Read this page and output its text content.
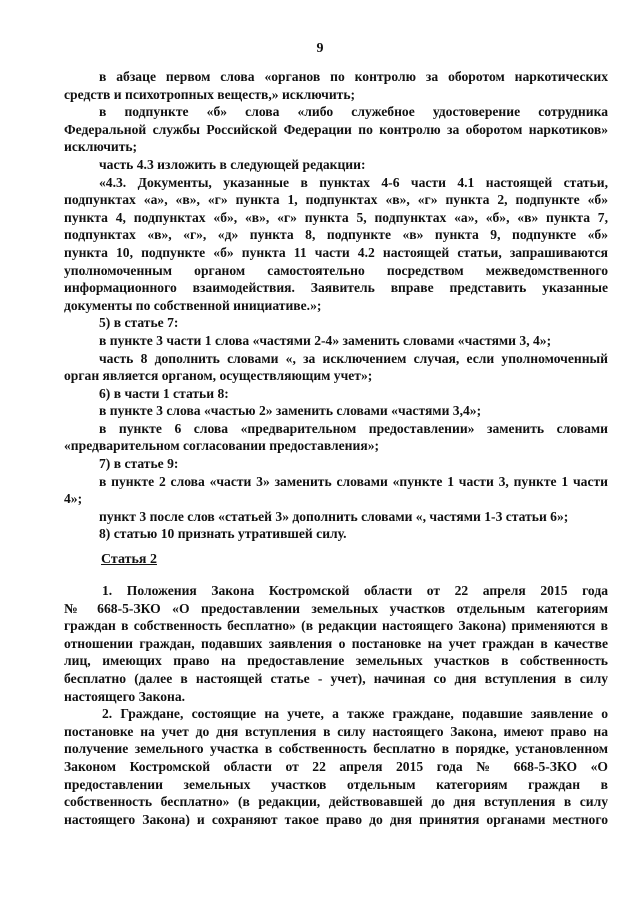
9
в абзаце первом слова «органов по контролю за оборотом наркотических
средств и психотропных веществ,» исключить;
в подпункте «б» слова «либо служебное удостоверение сотрудника
Федеральной службы Российской Федерации по контролю за оборотом наркотиков»
исключить;
часть 4.3 изложить в следующей редакции:
«4.3. Документы, указанные в пунктах 4-6 части 4.1 настоящей статьи,
подпунктах «а», «в», «г» пункта 1, подпунктах «в», «г» пункта 2, подпункте «б»
пункта 4, подпунктах «б», «в», «г» пункта 5, подпунктах «а», «б», «в» пункта 7,
подпунктах «в», «г», «д» пункта 8, подпункте «в» пункта 9, подпункте «б»
пункта 10, подпункте «б» пункта 11 части 4.2 настоящей статьи, запрашиваются
уполномоченным органом самостоятельно посредством межведомственного
информационного взаимодействия. Заявитель вправе представить указанные
документы по собственной инициативе.»;
5) в статье 7:
в пункте 3 части 1 слова «частями 2-4» заменить словами «частями 3, 4»;
часть 8 дополнить словами «, за исключением случая, если уполномоченный
орган является органом, осуществляющим учет»;
6) в части 1 статьи 8:
в пункте 3 слова «частью 2» заменить словами «частями 3,4»;
в пункте 6 слова «предварительном предоставлении» заменить словами
«предварительном согласовании предоставления»;
7) в статье 9:
в пункте 2 слова «части 3» заменить словами «пункте 1 части 3, пункте 1 части
4»;
пункт 3 после слов «статьей 3» дополнить словами «, частями 1-3 статьи 6»;
8) статью 10 признать утратившей силу.
Статья 2
1. Положения Закона Костромской области от 22 апреля 2015 года
№ 668-5-ЗКО «О предоставлении земельных участков отдельным категориям
граждан в собственность бесплатно» (в редакции настоящего Закона) применяются в
отношении граждан, подавших заявления о постановке на учет граждан в качестве
лиц, имеющих право на предоставление земельных участков в собственность
бесплатно (далее в настоящей статье - учет), начиная со дня вступления в силу
настоящего Закона.
2. Граждане, состоящие на учете, а также граждане, подавшие заявление о
постановке на учет до дня вступления в силу настоящего Закона, имеют право на
получение земельного участка в собственность бесплатно в порядке, установленном
Законом Костромской области от 22 апреля 2015 года № 668-5-ЗКО «О
предоставлении земельных участков отдельным категориям граждан в
собственность бесплатно» (в редакции, действовавшей до дня вступления в силу
настоящего Закона) и сохраняют такое право до дня принятия органами местного
